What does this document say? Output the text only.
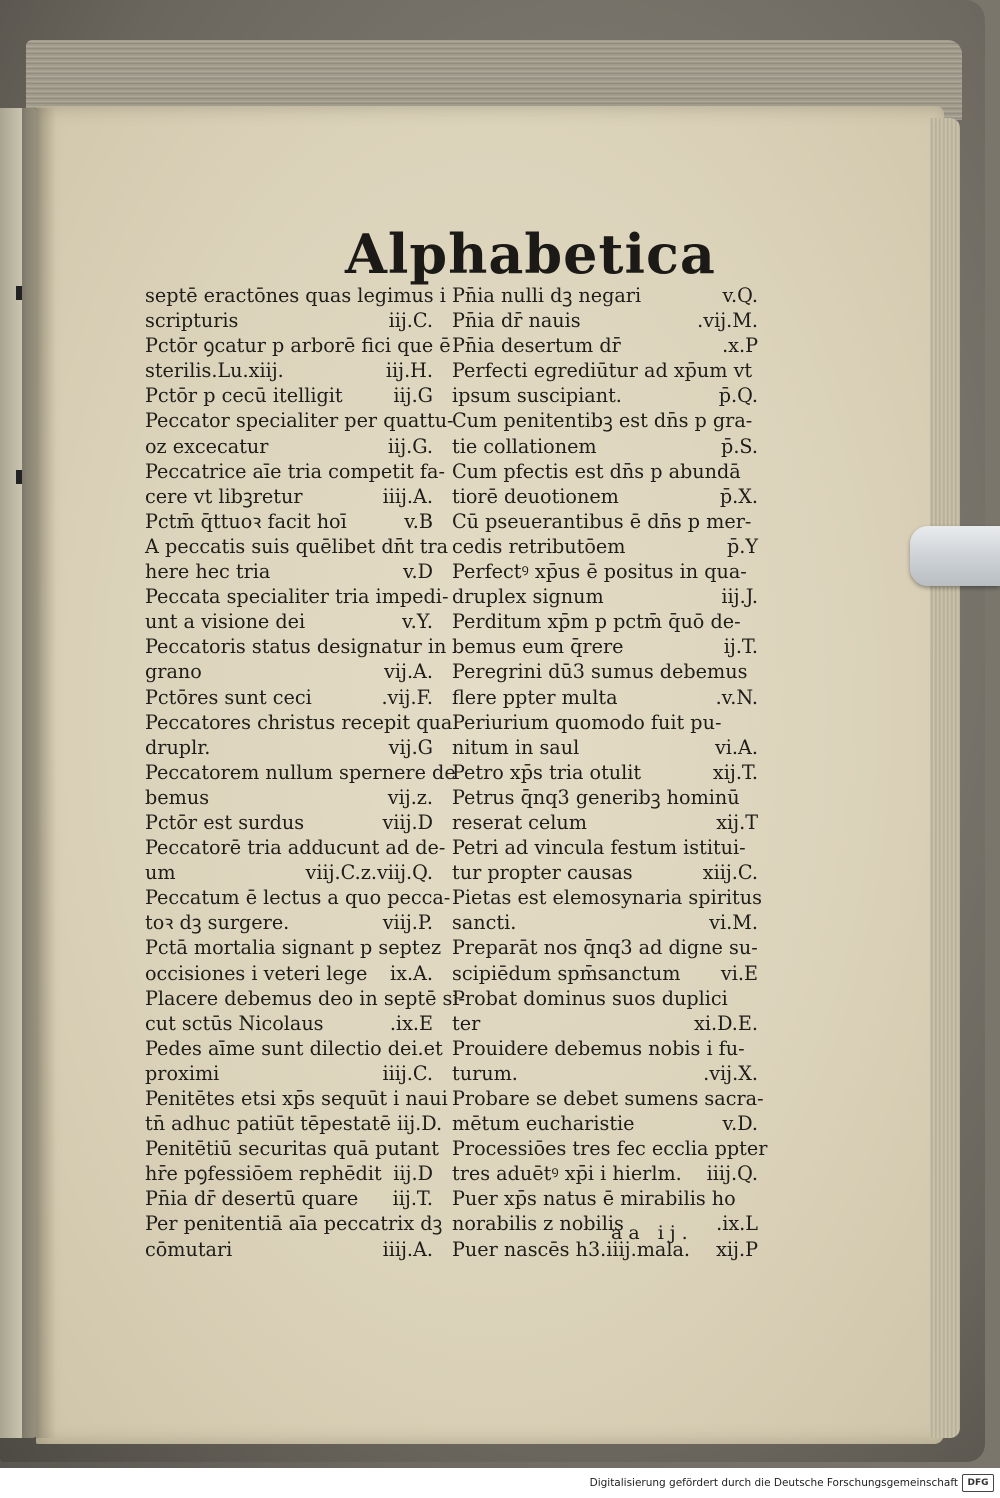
Alphabetica
septē eractōnes quas legimus i
scripturis	iij.C.
Pctōr ꝯcatur p arborē fici que ē
sterilis.Lu.xiij.	iij.H.
Pctōr p cecū itelligit	iij.G
Peccator specialiter per quattu-
oz excecatur	iij.G.
Peccatrice aīe tria competit fa-
cere vt libꝫretur	iiij.A.
Pctm̄ q̄ttuoꝛ facit hoī	v.B
A peccatis suis quēlibet dn̄t tra
here hec tria	v.D
Peccata specialiter tria impedi-
unt a visione dei	v.Y.
Peccatoris status designatur in
grano	vij.A.
Pctōres sunt ceci	.vij.F.
Peccatores christus recepit qua
druplr.	vij.G
Peccatorem nullum spernere de
bemus	vij.z.
Pctōr est surdus	viij.D
Peccatorē tria adducunt ad de-
um	viij.C.z.viij.Q.
Peccatum ē lectus a quo pecca-
toꝛ dꝫ surgere.	viij.P.
Pctā mortalia signant p septez
occisiones i veteri lege ix.A.
Placere debemus deo in septē si-
cut sctūs Nicolaus	.ix.E
Pedes aīme sunt dilectio dei.et
proximi	iiij.C.
Penitētes etsi xp̄s sequūt i naui
tn̄ adhuc patiūt tēpestatē iij.D.
Penitētiū securitas quā putant
hr̄e pꝯfessiōem rephēdit iij.D
Pn̄ia dr̄ desertū quare iij.T.
Per penitentiā aīa peccatrix dꝫ
cōmutari	iiij.A.
Pn̄ia nulli dꝫ negari	v.Q.
Pn̄ia dr̄ nauis	.vij.M.
Pn̄ia desertum dr̄	.x.P
Perfecti egrediūtur ad xp̄um vt
ipsum suscipiant.	p̄.Q.
Cum penitentibꝫ est dn̄s p gra-
tie collationem	p̄.S.
Cum pfectis est dn̄s p abundā
tiorē deuotionem	p̄.X.
Cū pseuerantibus ē dn̄s p mer-
cedis retributōem	p̄.Y
Perfectꝰ xp̄us ē positus in qua-
druplex signum	iij.J.
Perditum xp̄m p pctm̄ q̄uō de-
bemus eum q̄rere	ij.T.
Peregrini dū3 sumus debemus
flere ppter multa	.v.N.
Periurium quomodo fuit pu-
nitum in saul	vi.A.
Petro xp̄s tria otulit	xij.T.
Petrus q̄nq3 generibꝫ hominū
reserat celum	xij.T
Petri ad vincula festum istitui-
tur propter causas	xiij.C.
Pietas est elemosynaria spiritus
sancti.	vi.M.
Preparāt nos q̄nq3 ad digne su-
scipiēdum spm̄sanctum vi.E
Probat dominus suos duplici
ter	xi.D.E.
Prouidere debemus nobis i fu-
turum.	.vij.X.
Probare se debet sumens sacra-
mētum eucharistie	v.D.
Processiōes tres fec ecclia ppter
tres aduētꝰ xp̄i i hierlm. iiij.Q.
Puer xp̄s natus ē mirabilis ho
norabilis z nobilis	.ix.L
Puer nascēs h3.iiij.mala. xij.P
aa ij.
Digitalisierung gefördert durch die Deutsche Forschungsgemeinschaft	DFG
